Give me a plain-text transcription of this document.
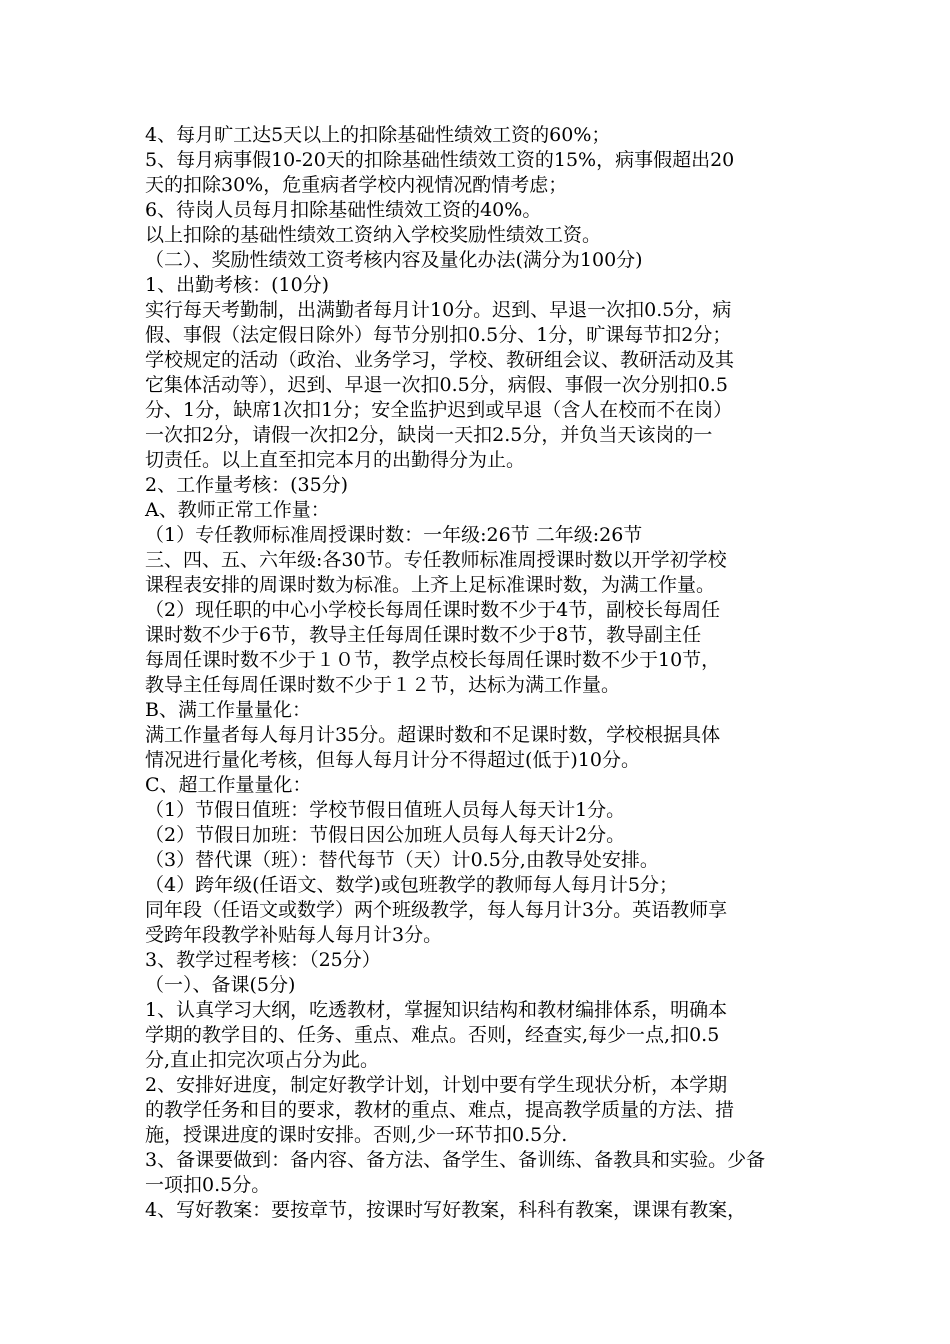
4、每月旷工达5天以上的扣除基础性绩效工资的60%；
5、每月病事假10-20天的扣除基础性绩效工资的15%，病事假超出20
天的扣除30%，危重病者学校内视情况酌情考虑；
6、待岗人员每月扣除基础性绩效工资的40%。
以上扣除的基础性绩效工资纳入学校奖励性绩效工资。
（二）、奖励性绩效工资考核内容及量化办法(满分为100分)
1、出勤考核：(10分)
实行每天考勤制，出满勤者每月计10分。迟到、早退一次扣0.5分，病
假、事假（法定假日除外）每节分别扣0.5分、1分，旷课每节扣2分；
学校规定的活动（政治、业务学习，学校、教研组会议、教研活动及其
它集体活动等），迟到、早退一次扣0.5分，病假、事假一次分别扣0.5
分、1分，缺席1次扣1分；安全监护迟到或早退（含人在校而不在岗）
一次扣2分，请假一次扣2分，缺岗一天扣2.5分，并负当天该岗的一
切责任。以上直至扣完本月的出勤得分为止。
2、工作量考核：(35分)
A、教师正常工作量：
（1）专任教师标准周授课时数：一年级:26节 二年级:26节
三、四、五、六年级:各30节。专任教师标准周授课时数以开学初学校
课程表安排的周课时数为标准。上齐上足标准课时数，为满工作量。
（2）现任职的中心小学校长每周任课时数不少于4节，副校长每周任
课时数不少于6节，教导主任每周任课时数不少于8节，教导副主任
每周任课时数不少于１０节，教学点校长每周任课时数不少于10节，
教导主任每周任课时数不少于１２节，达标为满工作量。
B、满工作量量化：
满工作量者每人每月计35分。超课时数和不足课时数，学校根据具体
情况进行量化考核，但每人每月计分不得超过(低于)10分。
C、超工作量量化：
（1）节假日值班：学校节假日值班人员每人每天计1分。
（2）节假日加班：节假日因公加班人员每人每天计2分。
（3）替代课（班）：替代每节（天）计0.5分,由教导处安排。
（4）跨年级(任语文、数学)或包班教学的教师每人每月计5分；
同年段（任语文或数学）两个班级教学，每人每月计3分。英语教师享
受跨年段教学补贴每人每月计3分。
3、教学过程考核：（25分）
（一）、备课(5分)
1、认真学习大纲，吃透教材，掌握知识结构和教材编排体系，明确本
学期的教学目的、任务、重点、难点。否则，经查实,每少一点,扣0.5
分,直止扣完次项占分为此。
2、安排好进度，制定好教学计划，计划中要有学生现状分析，本学期
的教学任务和目的要求，教材的重点、难点，提高教学质量的方法、措
施，授课进度的课时安排。否则,少一环节扣0.5分.
3、备课要做到：备内容、备方法、备学生、备训练、备教具和实验。少备
一项扣0.5分。
4、写好教案：要按章节，按课时写好教案，科科有教案，课课有教案，
